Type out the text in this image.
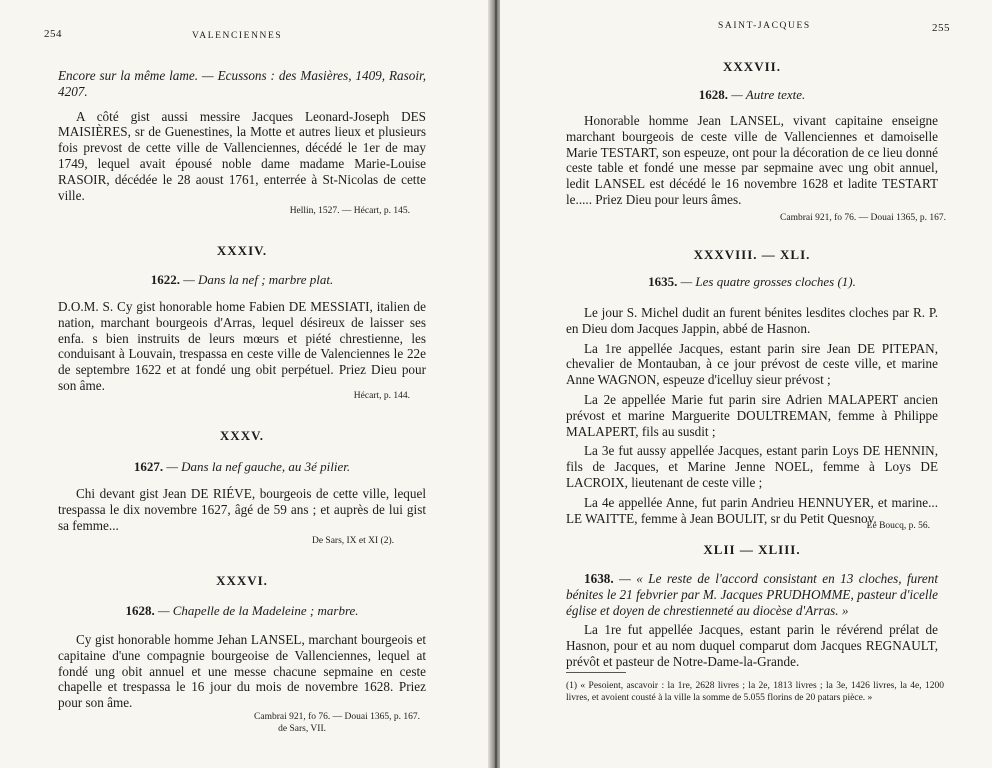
254	VALENCIENNES

Encore sur la même lame. — Ecussons : des Masières, 1409, Rasoir, 4207.

A côté gist aussi messire Jacques Leonard-Joseph DES MAISIÈRES, sr de Guenestines, la Motte et autres lieux et plusieurs fois prevost de cette ville de Vallenciennes, décédé le 1er de may 1749, lequel avait épousé noble dame madame Marie-Louise RASOIR, décédée le 28 aoust 1761, enterrée à St-Nicolas de cette ville.

Hellin, 1527. — Hécart, p. 145.
XXXIV.
1622. — Dans la nef ; marbre plat.

D.O.M. S. Cy gist honorable home Fabien DE MESSIATI, italien de nation, marchant bourgeois d'Arras, lequel désireux de laisser ses enfa. s bien instruits de leurs mœurs et piété chrestienne, les conduisant à Louvain, trespassa en ceste ville de Valenciennes le 22e de septembre 1622 et at fondé ung obit perpétuel. Priez Dieu pour son âme.

Hécart, p. 144.
XXXV.
1627. — Dans la nef gauche, au 3é pilier.

Chi devant gist Jean DE RIÉVE, bourgeois de cette ville, lequel trespassa le dix novembre 1627, âgé de 59 ans ; et auprès de lui gist sa femme...

De Sars, IX et XI (2).
XXXVI.
1628. — Chapelle de la Madeleine ; marbre.

Cy gist honorable homme Jehan LANSEL, marchant bourgeois et capitaine d'une compagnie bourgeoise de Vallenciennes, lequel at fondé ung obit annuel et une messe chacune sepmaine en ceste chapelle et trespassa le 16 jour du mois de novembre 1628. Priez pour son âme.

Cambrai 921, fo 76. — Douai 1365, p. 167.
de Sars, VII.
SAINT-JACQUES	255
XXXVII.
1628. — Autre texte.

Honorable homme Jean LANSEL, vivant capitaine enseigne marchant bourgeois de ceste ville de Vallenciennes et damoiselle Marie TESTART, son espeuze, ont pour la décoration de ce lieu donné ceste table et fondé une messe par sepmaine avec ung obit annuel, ledit LANSEL est décédé le 16 novembre 1628 et ladite TESTART le..... Priez Dieu pour leurs âmes.

Cambrai 921, fo 76. — Douai 1365, p. 167.
XXXVIII. — XLI.
1635. — Les quatre grosses cloches (1).

Le jour S. Michel dudit an furent bénites lesdites cloches par R. P. en Dieu dom Jacques Jappin, abbé de Hasnon.

La 1re appellée Jacques, estant parin sire Jean DE PITEPAN, chevalier de Montauban, à ce jour prévost de ceste ville, et marine Anne WAGNON, espeuze d'icelluy sieur prévost ;

La 2e appellée Marie fut parin sire Adrien MALAPERT ancien prévost et marine Marguerite DOULTREMAN, femme à Philippe MALAPERT, fils au susdit ;

La 3e fut aussy appellée Jacques, estant parin Loys DE HENNIN, fils de Jacques, et Marine Jenne NOEL, femme à Loys DE LACROIX, lieutenant de ceste ville ;

La 4e appellée Anne, fut parin Andrieu HENNUYER, et marine... LE WAITTE, femme à Jean BOULIT, sr du Petit Quesnoy.

Le Boucq, p. 56.
XLII — XLIII.

1638. — « Le reste de l'accord consistant en 13 cloches, furent bénites le 21 febvrier par M. Jacques PRUDHOMME, pasteur d'icelle église et doyen de chrestienneté au diocèse d'Arras. »

La 1re fut appellée Jacques, estant parin le révérend prélat de Hasnon, pour et au nom duquel comparut dom Jacques REGNAULT, prévôt et pasteur de Notre-Dame-la-Grande.

(1) « Pesoient, ascavoir : la 1re, 2628 livres ; la 2e, 1813 livres ; la 3e, 1426 livres, la 4e, 1200 livres, et avoient cousté à la ville la somme de 5.055 florins de 20 patars pièce. »
